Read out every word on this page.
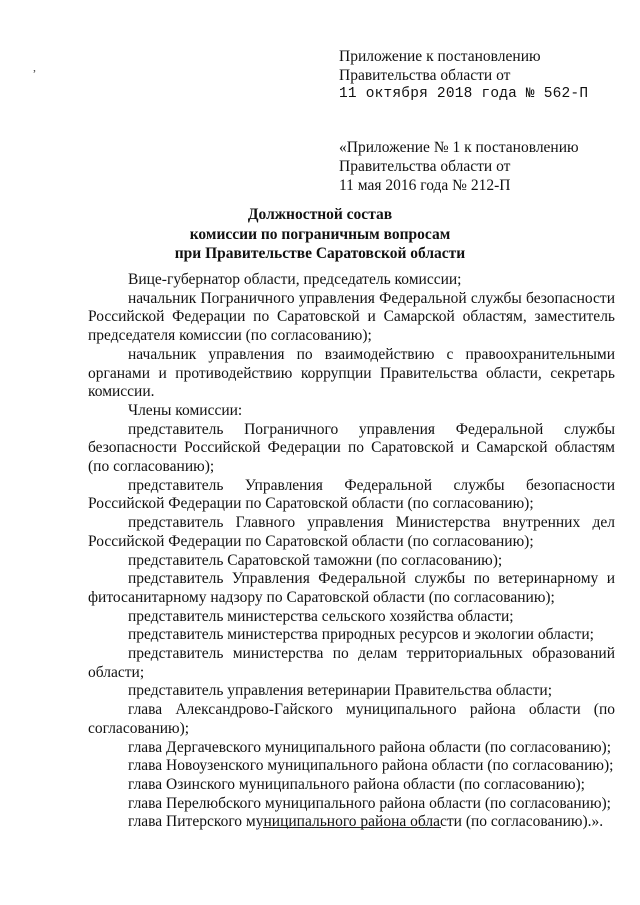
,
Приложение к постановлению
Правительства области от
11 октября 2018 года № 562-П
«Приложение № 1 к постановлению
Правительства области от
11 мая 2016 года № 212-П
Должностной состав
комиссии по пограничным вопросам
при Правительстве Саратовской области

Вице-губернатор области, председатель комиссии;

начальник Пограничного управления Федеральной службы безопасности Российской Федерации по Саратовской и Самарской областям, заместитель председателя комиссии (по согласованию);

начальник управления по взаимодействию с правоохранительными органами и противодействию коррупции Правительства области, секретарь комиссии.

Члены комиссии:

представитель Пограничного управления Федеральной службы безопасности Российской Федерации по Саратовской и Самарской областям (по согласованию);

представитель Управления Федеральной службы безопасности Российской Федерации по Саратовской области (по согласованию);

представитель Главного управления Министерства внутренних дел Российской Федерации по Саратовской области (по согласованию);

представитель Саратовской таможни (по согласованию);

представитель Управления Федеральной службы по ветеринарному и фитосанитарному надзору по Саратовской области (по согласованию);

представитель министерства сельского хозяйства области;

представитель министерства природных ресурсов и экологии области;

представитель министерства по делам территориальных образований области;

представитель управления ветеринарии Правительства области;

глава Александрово-Гайского муниципального района области (по согласованию);

глава Дергачевского муниципального района области (по согласованию);

глава Новоузенского муниципального района области (по согласованию);

глава Озинского муниципального района области (по согласованию);

глава Перелюбского муниципального района области (по согласованию);

глава Питерского муниципального района области (по согласованию).».
